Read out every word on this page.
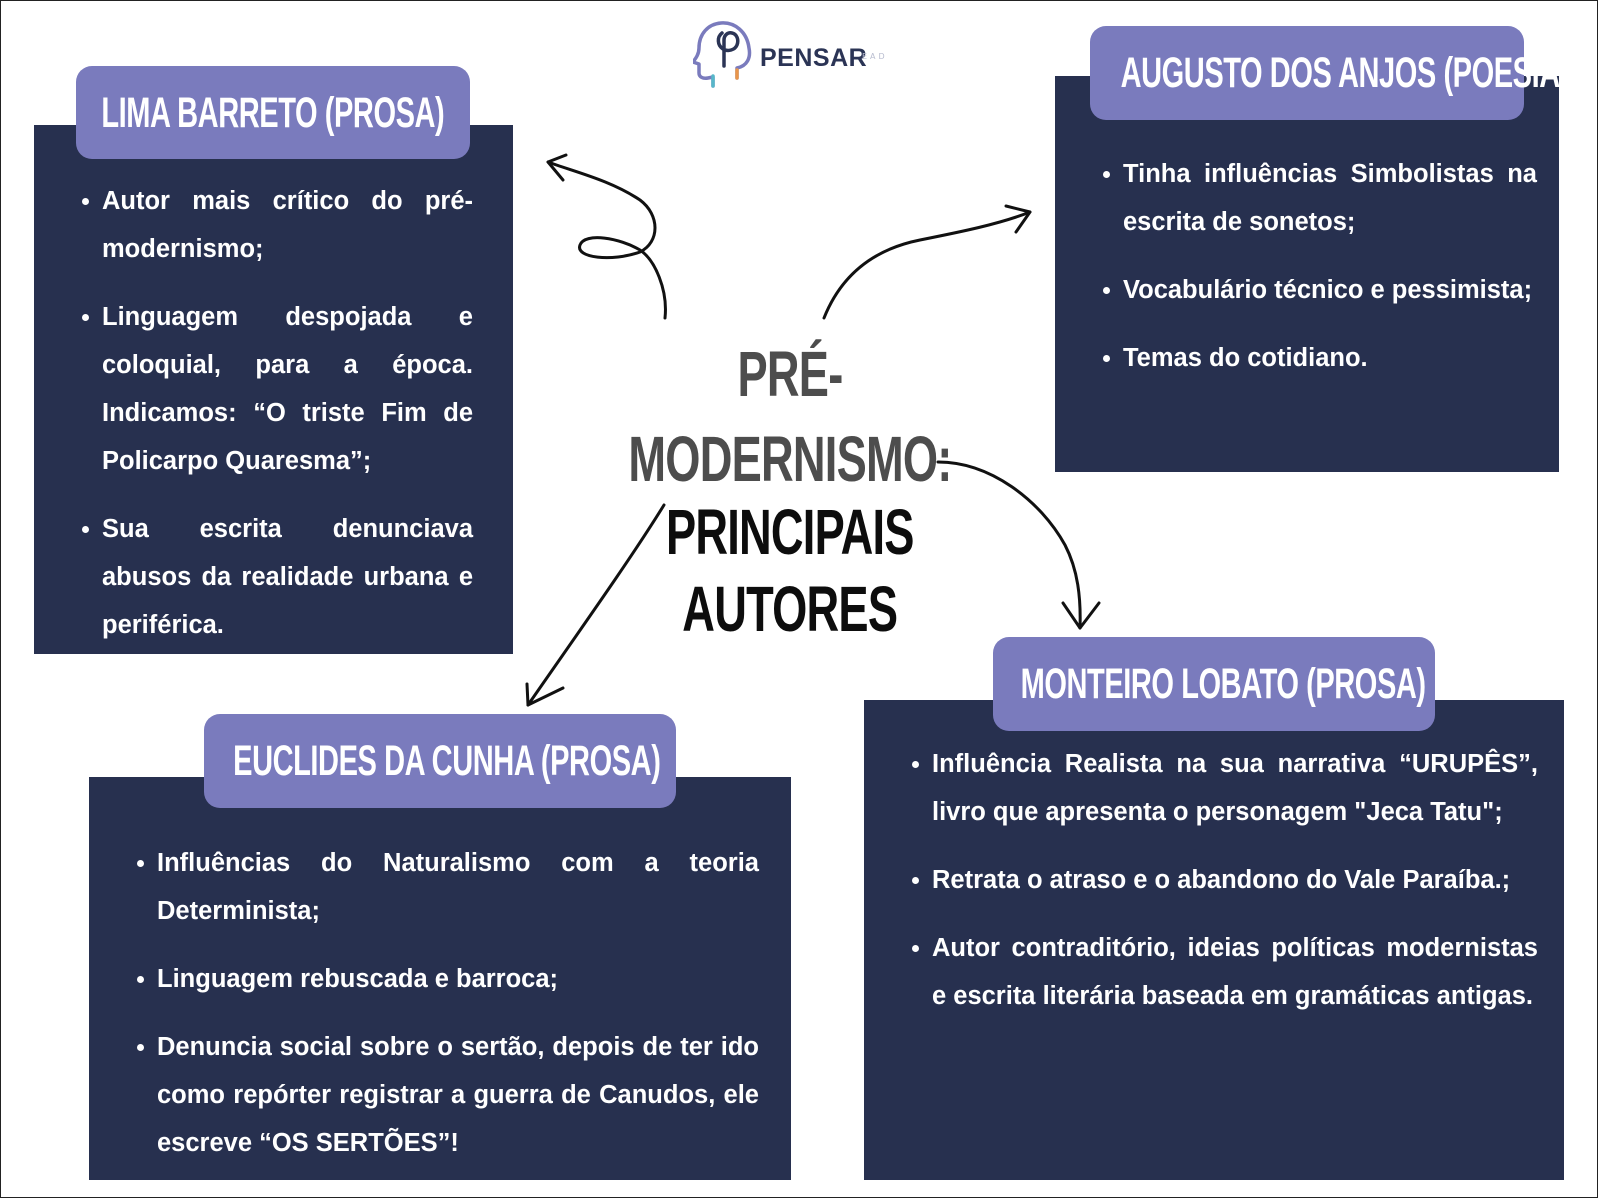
PENSAR
EAD
PRÉ-MODERNISMO:
PRINCIPAIS
AUTORES
Autor mais crítico do pré-modernismo;
Linguagem despojada e coloquial, para a época. Indicamos: “O triste Fim de Policarpo Quaresma”;
Sua escrita denunciava abusos da realidade urbana e periférica.
LIMA BARRETO (PROSA)
Tinha influências Simbolistas na escrita de sonetos;
Vocabulário técnico e pessimista;
Temas do cotidiano.
AUGUSTO DOS ANJOS (POESIA)
Influências do Naturalismo com a teoria Determinista;
Linguagem rebuscada e barroca;
Denuncia social sobre o sertão, depois de ter ido como repórter registrar a guerra de Canudos, ele escreve “OS SERTÕES”!
EUCLIDES DA CUNHA (PROSA)	Influência Realista na sua narrativa “URUPÊS”, livro que apresenta o personagem "Jeca Tatu";
Retrata o atraso e o abandono do Vale Paraíba.;
Autor contraditório, ideias políticas modernistas e escrita literária baseada em gramáticas antigas.
MONTEIRO LOBATO (PROSA)
